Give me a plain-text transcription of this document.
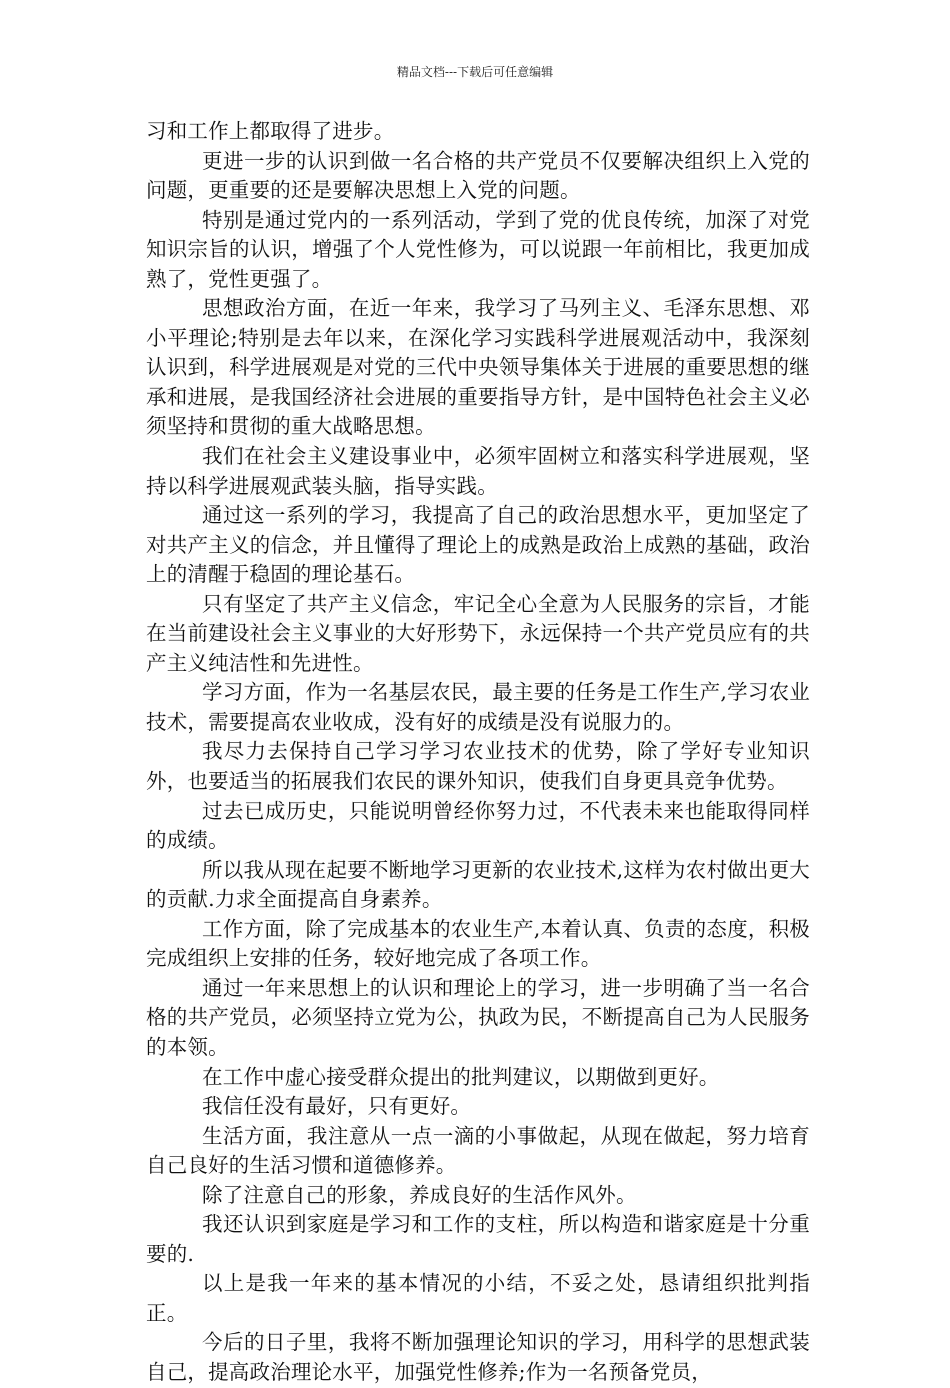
精品文档---下载后可任意编辑

习和工作上都取得了进步。

更进一步的认识到做一名合格的共产党员不仅要解决组织上入党的问题，更重要的还是要解决思想上入党的问题。

特别是通过党内的一系列活动，学到了党的优良传统，加深了对党知识宗旨的认识，增强了个人党性修为，可以说跟一年前相比，我更加成熟了，党性更强了。

思想政治方面，在近一年来，我学习了马列主义、毛泽东思想、邓小平理论;特别是去年以来，在深化学习实践科学进展观活动中，我深刻认识到，科学进展观是对党的三代中央领导集体关于进展的重要思想的继承和进展，是我国经济社会进展的重要指导方针，是中国特色社会主义必须坚持和贯彻的重大战略思想。

我们在社会主义建设事业中，必须牢固树立和落实科学进展观，坚持以科学进展观武装头脑，指导实践。

通过这一系列的学习，我提高了自己的政治思想水平，更加坚定了对共产主义的信念，并且懂得了理论上的成熟是政治上成熟的基础，政治上的清醒于稳固的理论基石。

只有坚定了共产主义信念，牢记全心全意为人民服务的宗旨，才能在当前建设社会主义事业的大好形势下，永远保持一个共产党员应有的共产主义纯洁性和先进性。

学习方面，作为一名基层农民，最主要的任务是工作生产,学习农业技术，需要提高农业收成，没有好的成绩是没有说服力的。

我尽力去保持自己学习学习农业技术的优势，除了学好专业知识外，也要适当的拓展我们农民的课外知识，使我们自身更具竞争优势。

过去已成历史，只能说明曾经你努力过，不代表未来也能取得同样的成绩。

所以我从现在起要不断地学习更新的农业技术,这样为农村做出更大的贡献.力求全面提高自身素养。

工作方面，除了完成基本的农业生产,本着认真、负责的态度，积极完成组织上安排的任务，较好地完成了各项工作。

通过一年来思想上的认识和理论上的学习，进一步明确了当一名合格的共产党员，必须坚持立党为公，执政为民，不断提高自己为人民服务的本领。

在工作中虚心接受群众提出的批判建议，以期做到更好。

我信任没有最好，只有更好。

生活方面，我注意从一点一滴的小事做起，从现在做起，努力培育自己良好的生活习惯和道德修养。

除了注意自己的形象，养成良好的生活作风外。

我还认识到家庭是学习和工作的支柱，所以构造和谐家庭是十分重要的.

以上是我一年来的基本情况的小结，不妥之处，恳请组织批判指正。

今后的日子里，我将不断加强理论知识的学习，用科学的思想武装自己，提高政治理论水平，加强党性修养;作为一名预备党员，
